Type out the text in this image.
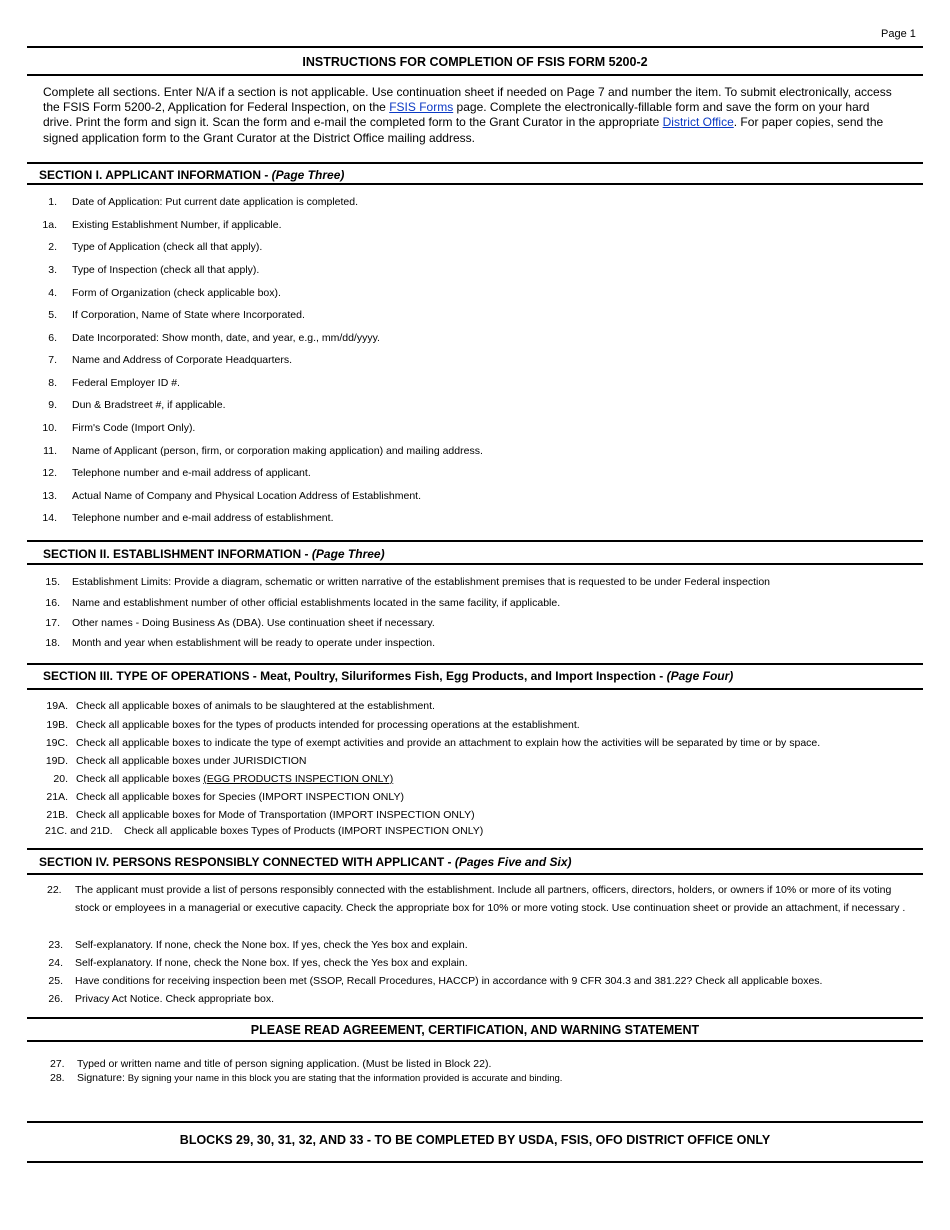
Page 1
INSTRUCTIONS FOR COMPLETION OF FSIS FORM 5200-2
Complete all sections. Enter N/A if a section is not applicable. Use continuation sheet if needed on Page 7 and number the item. To submit electronically, access the FSIS Form 5200-2, Application for Federal Inspection, on the FSIS Forms page. Complete the electronically-fillable form and save the form on your hard drive. Print the form and sign it. Scan the form and e-mail the completed form to the Grant Curator in the appropriate District Office. For paper copies, send the signed application form to the Grant Curator at the District Office mailing address.
SECTION I. APPLICANT INFORMATION - (Page Three)
1. Date of Application: Put current date application is completed.
1a. Existing Establishment Number, if applicable.
2. Type of Application (check all that apply).
3. Type of Inspection (check all that apply).
4. Form of Organization (check applicable box).
5. If Corporation, Name of State where Incorporated.
6. Date Incorporated: Show month, date, and year, e.g., mm/dd/yyyy.
7. Name and Address of Corporate Headquarters.
8. Federal Employer ID #.
9. Dun & Bradstreet #, if applicable.
10. Firm's Code (Import Only).
11. Name of Applicant (person, firm, or corporation making application) and mailing address.
12. Telephone number and e-mail address of applicant.
13. Actual Name of Company and Physical Location Address of Establishment.
14. Telephone number and e-mail address of establishment.
SECTION II. ESTABLISHMENT INFORMATION - (Page Three)
15. Establishment Limits: Provide a diagram, schematic or written narrative of the establishment premises that is requested to be under Federal inspection
16. Name and establishment number of other official establishments located in the same facility, if applicable.
17. Other names - Doing Business As (DBA). Use continuation sheet if necessary.
18. Month and year when establishment will be ready to operate under inspection.
SECTION III. TYPE OF OPERATIONS - Meat, Poultry, Siluriformes Fish, Egg Products, and Import Inspection - (Page Four)
19A. Check all applicable boxes of animals to be slaughtered at the establishment.
19B. Check all applicable boxes for the types of products intended for processing operations at the establishment.
19C. Check all applicable boxes to indicate the type of exempt activities and provide an attachment to explain how the activities will be separated by time or by space.
19D. Check all applicable boxes under JURISDICTION
20. Check all applicable boxes (EGG PRODUCTS INSPECTION ONLY)
21A. Check all applicable boxes for Species (IMPORT INSPECTION ONLY)
21B. Check all applicable boxes for Mode of Transportation (IMPORT INSPECTION ONLY)
21C. and 21D. Check all applicable boxes Types of Products (IMPORT INSPECTION ONLY)
SECTION IV. PERSONS RESPONSIBLY CONNECTED WITH APPLICANT - (Pages Five and Six)
22. The applicant must provide a list of persons responsibly connected with the establishment. Include all partners, officers, directors, holders, or owners if 10% or more of its voting stock or employees in a managerial or executive capacity. Check the appropriate box for 10% or more voting stock. Use continuation sheet or provide an attachment, if necessary .
23. Self-explanatory. If none, check the None box. If yes, check the Yes box and explain.
24. Self-explanatory. If none, check the None box. If yes, check the Yes box and explain.
25. Have conditions for receiving inspection been met (SSOP, Recall Procedures, HACCP) in accordance with 9 CFR 304.3 and 381.22? Check all applicable boxes.
26. Privacy Act Notice. Check appropriate box.
PLEASE READ AGREEMENT, CERTIFICATION, AND WARNING STATEMENT
27. Typed or written name and title of person signing application. (Must be listed in Block 22).
28. Signature: By signing your name in this block you are stating that the information provided is accurate and binding.
BLOCKS 29, 30, 31, 32, AND 33 - TO BE COMPLETED BY USDA, FSIS, OFO DISTRICT OFFICE ONLY
